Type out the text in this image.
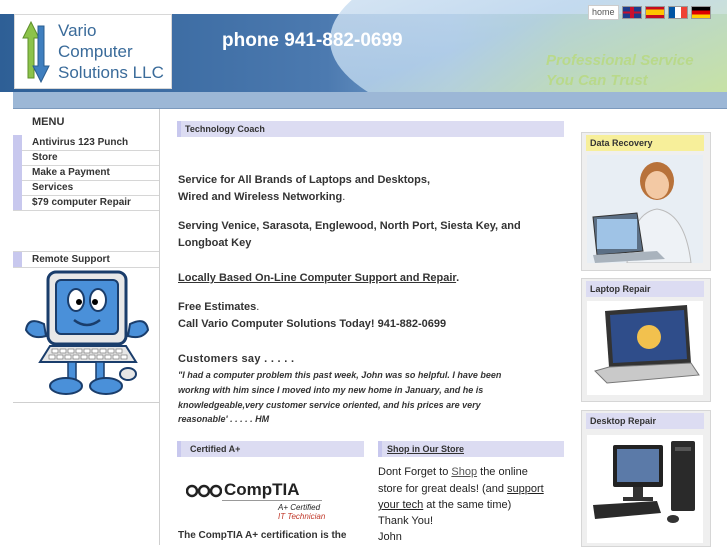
Vario
Computer
Solutions LLC
phone 941-882-0699
Professional Service
You Can Trust
home
MENU
Antivirus 123 Punch
Store
Make a Payment
Services
$79 computer Repair
Remote Support
Technology Coach
Service for All Brands of Laptops and Desktops,
Wired and Wireless Networking.
Serving Venice, Sarasota, Englewood, North Port, Siesta Key, and
Longboat Key
Locally Based On-Line Computer Support and Repair.
Free Estimates.
Call Vario Computer Solutions Today! 941-882-0699
Customers say . . . . .
"I had a computer problem this past week, John was so helpful. I have been
workng with him since I moved into my new home in January, and he is
knowledgeable,very customer service oriented, and his prices are very
reasonable' . . . . . HM
Certified A+
CompTIA
A+ Certified
IT Technician
The CompTIA A+ certification is the
Shop in Our Store
Dont Forget to Shop the online
store for great deals! (and support
your tech at the same time)
Thank You!
John
Data Recovery
Laptop Repair
Desktop Repair
